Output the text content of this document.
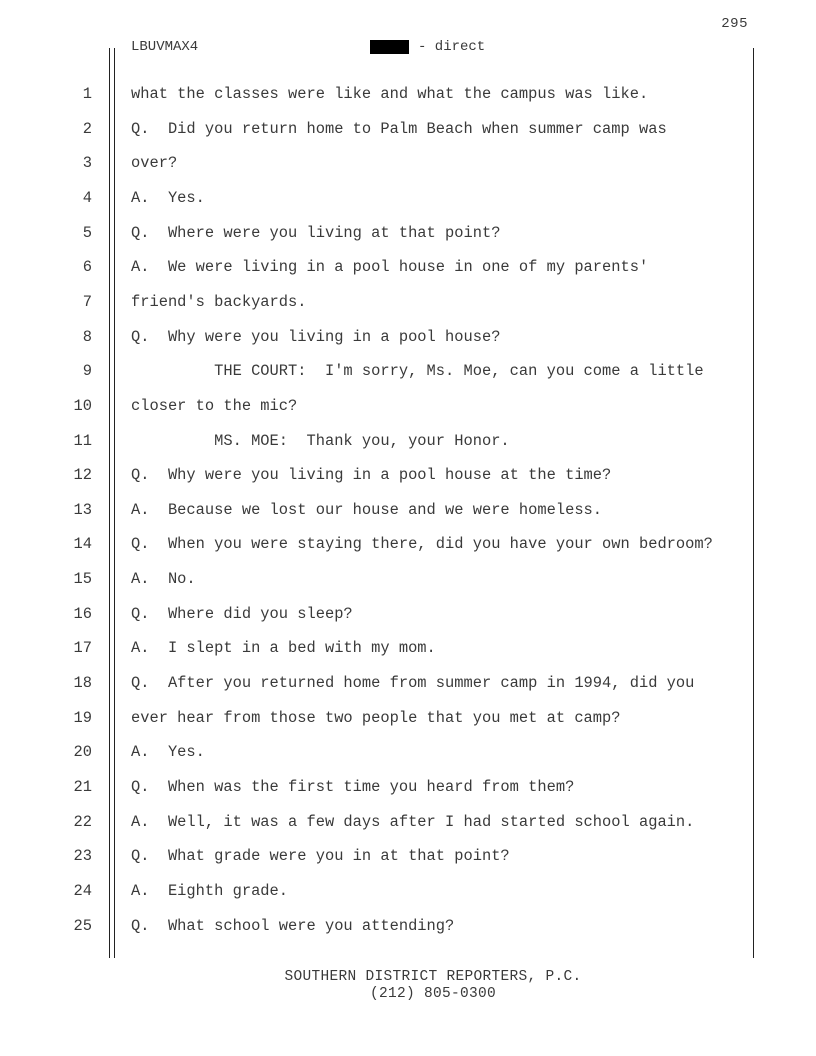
295
LBUVMAX4	- direct
1	what the classes were like and what the campus was like.
2	Q.  Did you return home to Palm Beach when summer camp was
3	over?
4	A.  Yes.
5	Q.  Where were you living at that point?
6	A.  We were living in a pool house in one of my parents'
7	friend's backyards.
8	Q.  Why were you living in a pool house?
9	THE COURT:  I'm sorry, Ms. Moe, can you come a little
10	closer to the mic?
11	MS. MOE:  Thank you, your Honor.
12	Q.  Why were you living in a pool house at the time?
13	A.  Because we lost our house and we were homeless.
14	Q.  When you were staying there, did you have your own bedroom?
15	A.  No.
16	Q.  Where did you sleep?
17	A.  I slept in a bed with my mom.
18	Q.  After you returned home from summer camp in 1994, did you
19	ever hear from those two people that you met at camp?
20	A.  Yes.
21	Q.  When was the first time you heard from them?
22	A.  Well, it was a few days after I had started school again.
23	Q.  What grade were you in at that point?
24	A.  Eighth grade.
25	Q.  What school were you attending?
SOUTHERN DISTRICT REPORTERS, P.C.
(212) 805-0300
